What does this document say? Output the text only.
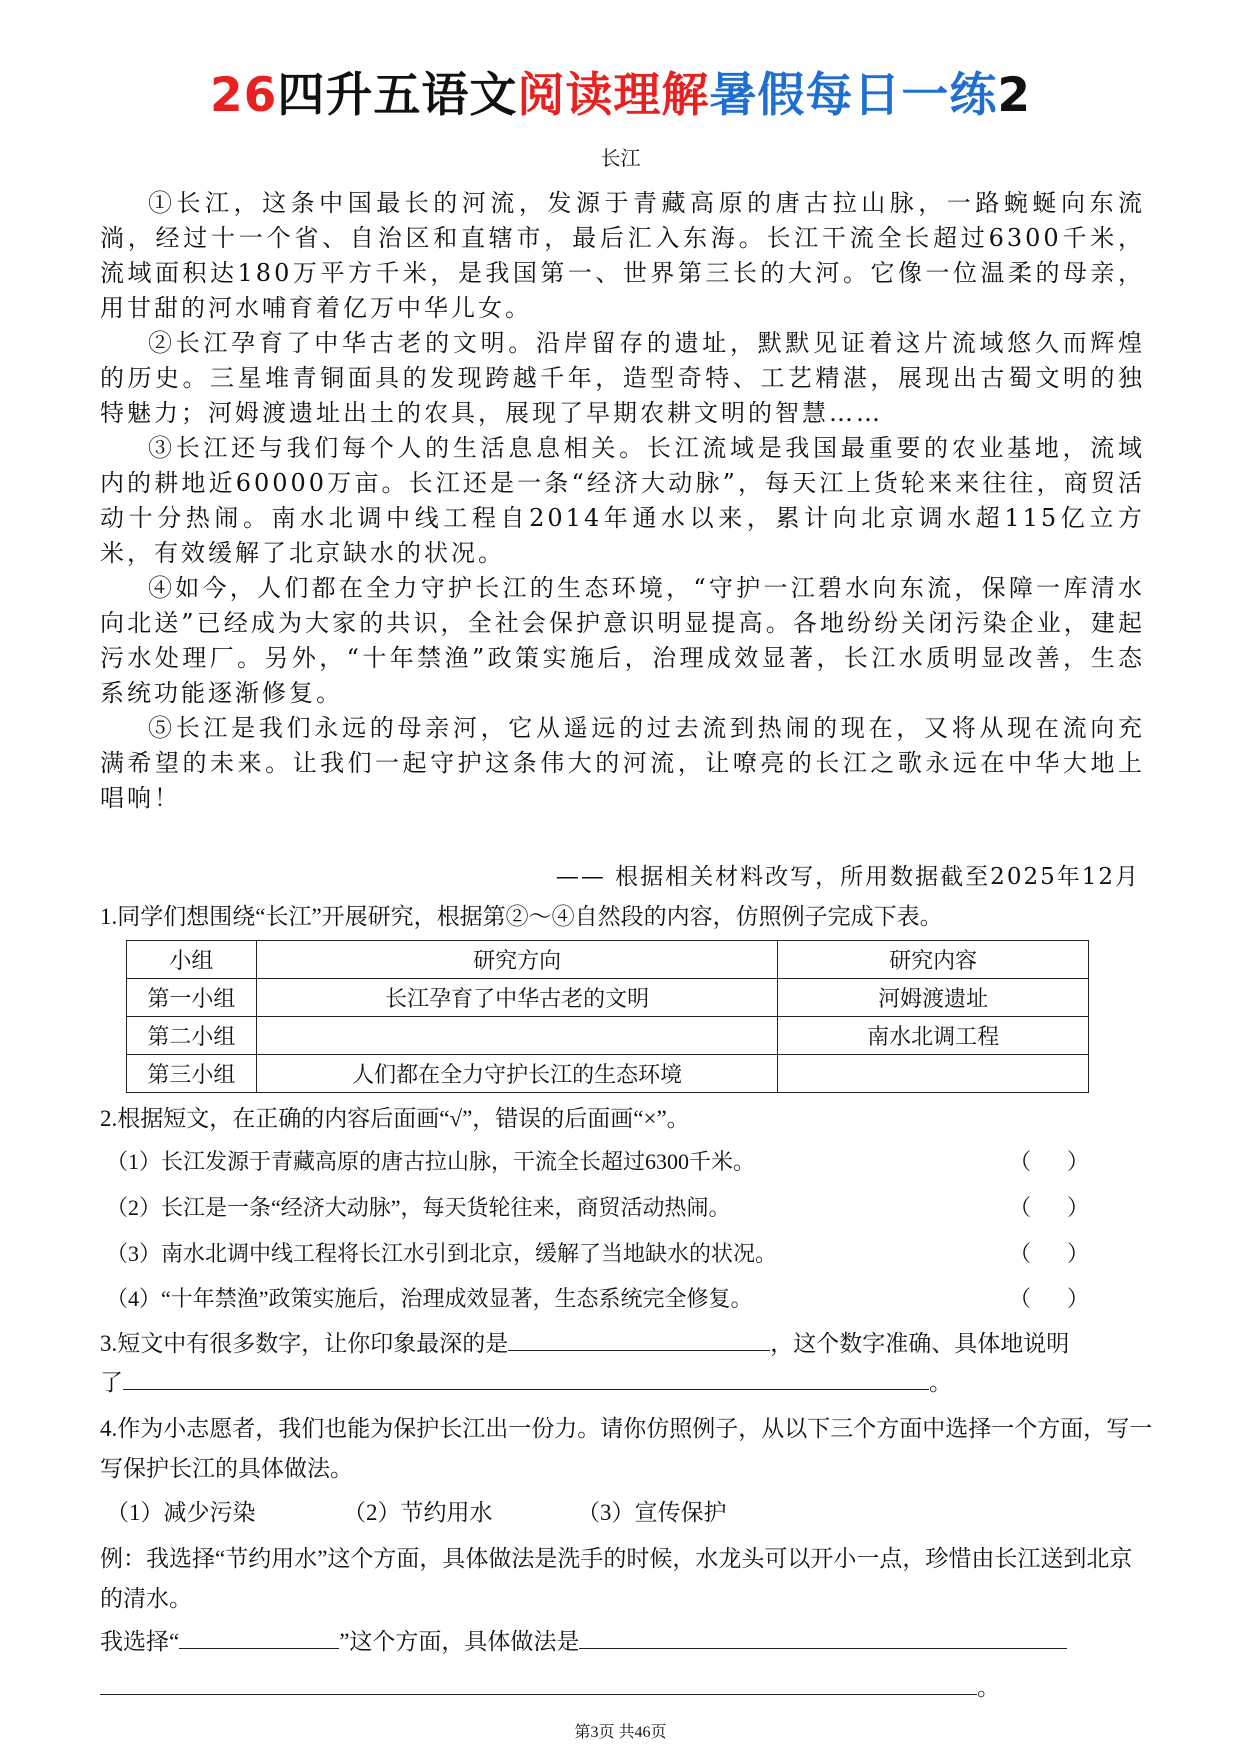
26四升五语文阅读理解暑假每日一练2
长江

①长江，这条中国最长的河流，发源于青藏高原的唐古拉山脉，一路蜿蜒向东流淌，经过十一个省、自治区和直辖市，最后汇入东海。长江干流全长超过6300千米，流域面积达180万平方千米，是我国第一、世界第三长的大河。它像一位温柔的母亲，用甘甜的河水哺育着亿万中华儿女。

②长江孕育了中华古老的文明。沿岸留存的遗址，默默见证着这片流域悠久而辉煌的历史。三星堆青铜面具的发现跨越千年，造型奇特、工艺精湛，展现出古蜀文明的独特魅力；河姆渡遗址出土的农具，展现了早期农耕文明的智慧……

③长江还与我们每个人的生活息息相关。长江流域是我国最重要的农业基地，流域内的耕地近60000万亩。长江还是一条“经济大动脉”，每天江上货轮来来往往，商贸活动十分热闹。南水北调中线工程自2014年通水以来，累计向北京调水超115亿立方米，有效缓解了北京缺水的状况。

④如今，人们都在全力守护长江的生态环境，“守护一江碧水向东流，保障一库清水向北送”已经成为大家的共识，全社会保护意识明显提高。各地纷纷关闭污染企业，建起污水处理厂。另外，“十年禁渔”政策实施后，治理成效显著，长江水质明显改善，生态系统功能逐渐修复。

⑤长江是我们永远的母亲河，它从遥远的过去流到热闹的现在，又将从现在流向充满希望的未来。让我们一起守护这条伟大的河流，让嘹亮的长江之歌永远在中华大地上唱响！

—— 根据相关材料改写，所用数据截至2025年12月
1.同学们想围绕“长江”开展研究，根据第②～④自然段的内容，仿照例子完成下表。
小组	研究方向	研究内容
第一小组	长江孕育了中华古老的文明	河姆渡遗址
第二小组		南水北调工程
第三小组	人们都在全力守护长江的生态环境	
2.根据短文，在正确的内容后面画“√”，错误的后面画“×”。
（1）长江发源于青藏高原的唐古拉山脉，干流全长超过6300千米。	（ ）
（2）长江是一条“经济大动脉”，每天货轮往来，商贸活动热闹。	（ ）
（3）南水北调中线工程将长江水引到北京，缓解了当地缺水的状况。	（ ）
（4）“十年禁渔”政策实施后，治理成效显著，生态系统完全修复。	（ ）
3.短文中有很多数字，让你印象最深的是	，这个数字准确、具体地说明
了	。
4.作为小志愿者，我们也能为保护长江出一份力。请你仿照例子，从以下三个方面中选择一个方面，写一写保护长江的具体做法。
（1）减少污染	（2）节约用水	（3）宣传保护
例：我选择“节约用水”这个方面，具体做法是洗手的时候，水龙头可以开小一点，珍惜由长江送到北京的清水。
我选择“	”这个方面，具体做法是
。
第3页 共46页
